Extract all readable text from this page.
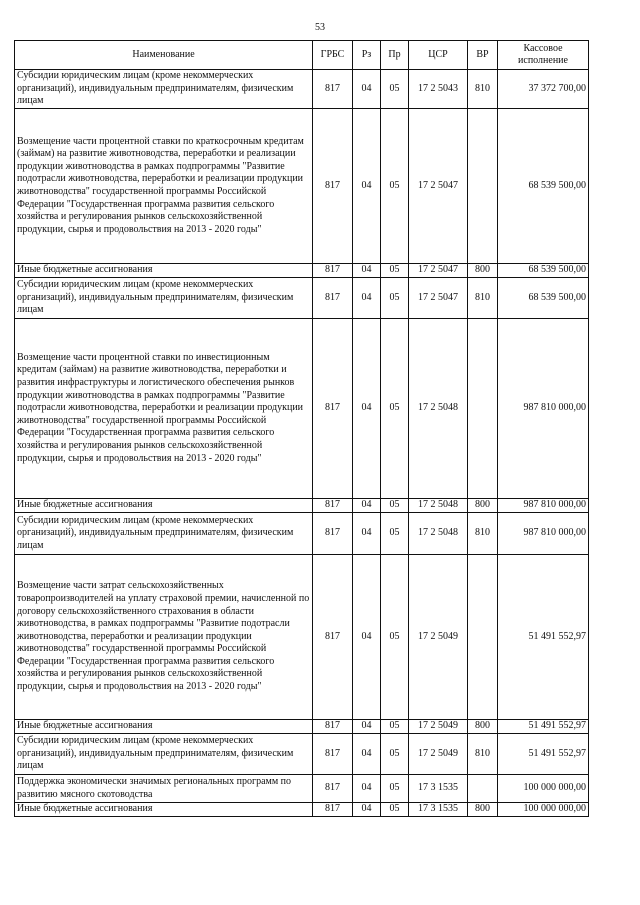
53
Наименование	ГРБС	Рз	Пр	ЦСР	ВР	Кассовое исполнение
Субсидии юридическим лицам (кроме некоммерческих организаций), индивидуальным предпринимателям, физическим лицам	817	04	05	17 2 5043	810	37 372 700,00
Возмещение части процентной ставки по краткосрочным кредитам (займам) на развитие животноводства, переработки и реализации продукции животноводства в рамках подпрограммы "Развитие подотрасли животноводства, переработки и реализации продукции животноводства" государственной программы Российской Федерации "Государственная программа развития сельского хозяйства и регулирования рынков сельскохозяйственной продукции, сырья и продовольствия на 2013 - 2020 годы"	817	04	05	17 2 5047		68 539 500,00
Иные бюджетные ассигнования	817	04	05	17 2 5047	800	68 539 500,00
Субсидии юридическим лицам (кроме некоммерческих организаций), индивидуальным предпринимателям, физическим лицам	817	04	05	17 2 5047	810	68 539 500,00
Возмещение части процентной ставки по инвестиционным кредитам (займам) на развитие животноводства, переработки и развития инфраструктуры и логистического обеспечения рынков продукции животноводства в рамках подпрограммы "Развитие подотрасли животноводства, переработки и реализации продукции животноводства" государственной программы Российской Федерации "Государственная программа развития сельского хозяйства и регулирования рынков сельскохозяйственной продукции, сырья и продовольствия на 2013 - 2020 годы"	817	04	05	17 2 5048		987 810 000,00
Иные бюджетные ассигнования	817	04	05	17 2 5048	800	987 810 000,00
Субсидии юридическим лицам (кроме некоммерческих организаций), индивидуальным предпринимателям, физическим лицам	817	04	05	17 2 5048	810	987 810 000,00
Возмещение части затрат сельскохозяйственных товаропроизводителей на уплату страховой премии, начисленной по договору сельскохозяйственного страхования в области животноводства, в рамках подпрограммы "Развитие подотрасли животноводства, переработки и реализации продукции животноводства" государственной программы Российской Федерации "Государственная программа развития сельского хозяйства и регулирования рынков сельскохозяйственной продукции, сырья и продовольствия на 2013 - 2020 годы"	817	04	05	17 2 5049		51 491 552,97
Иные бюджетные ассигнования	817	04	05	17 2 5049	800	51 491 552,97
Субсидии юридическим лицам (кроме некоммерческих организаций), индивидуальным предпринимателям, физическим лицам	817	04	05	17 2 5049	810	51 491 552,97
Поддержка экономически значимых региональных программ по развитию мясного скотоводства	817	04	05	17 3 1535		100 000 000,00
Иные бюджетные ассигнования	817	04	05	17 3 1535	800	100 000 000,00
